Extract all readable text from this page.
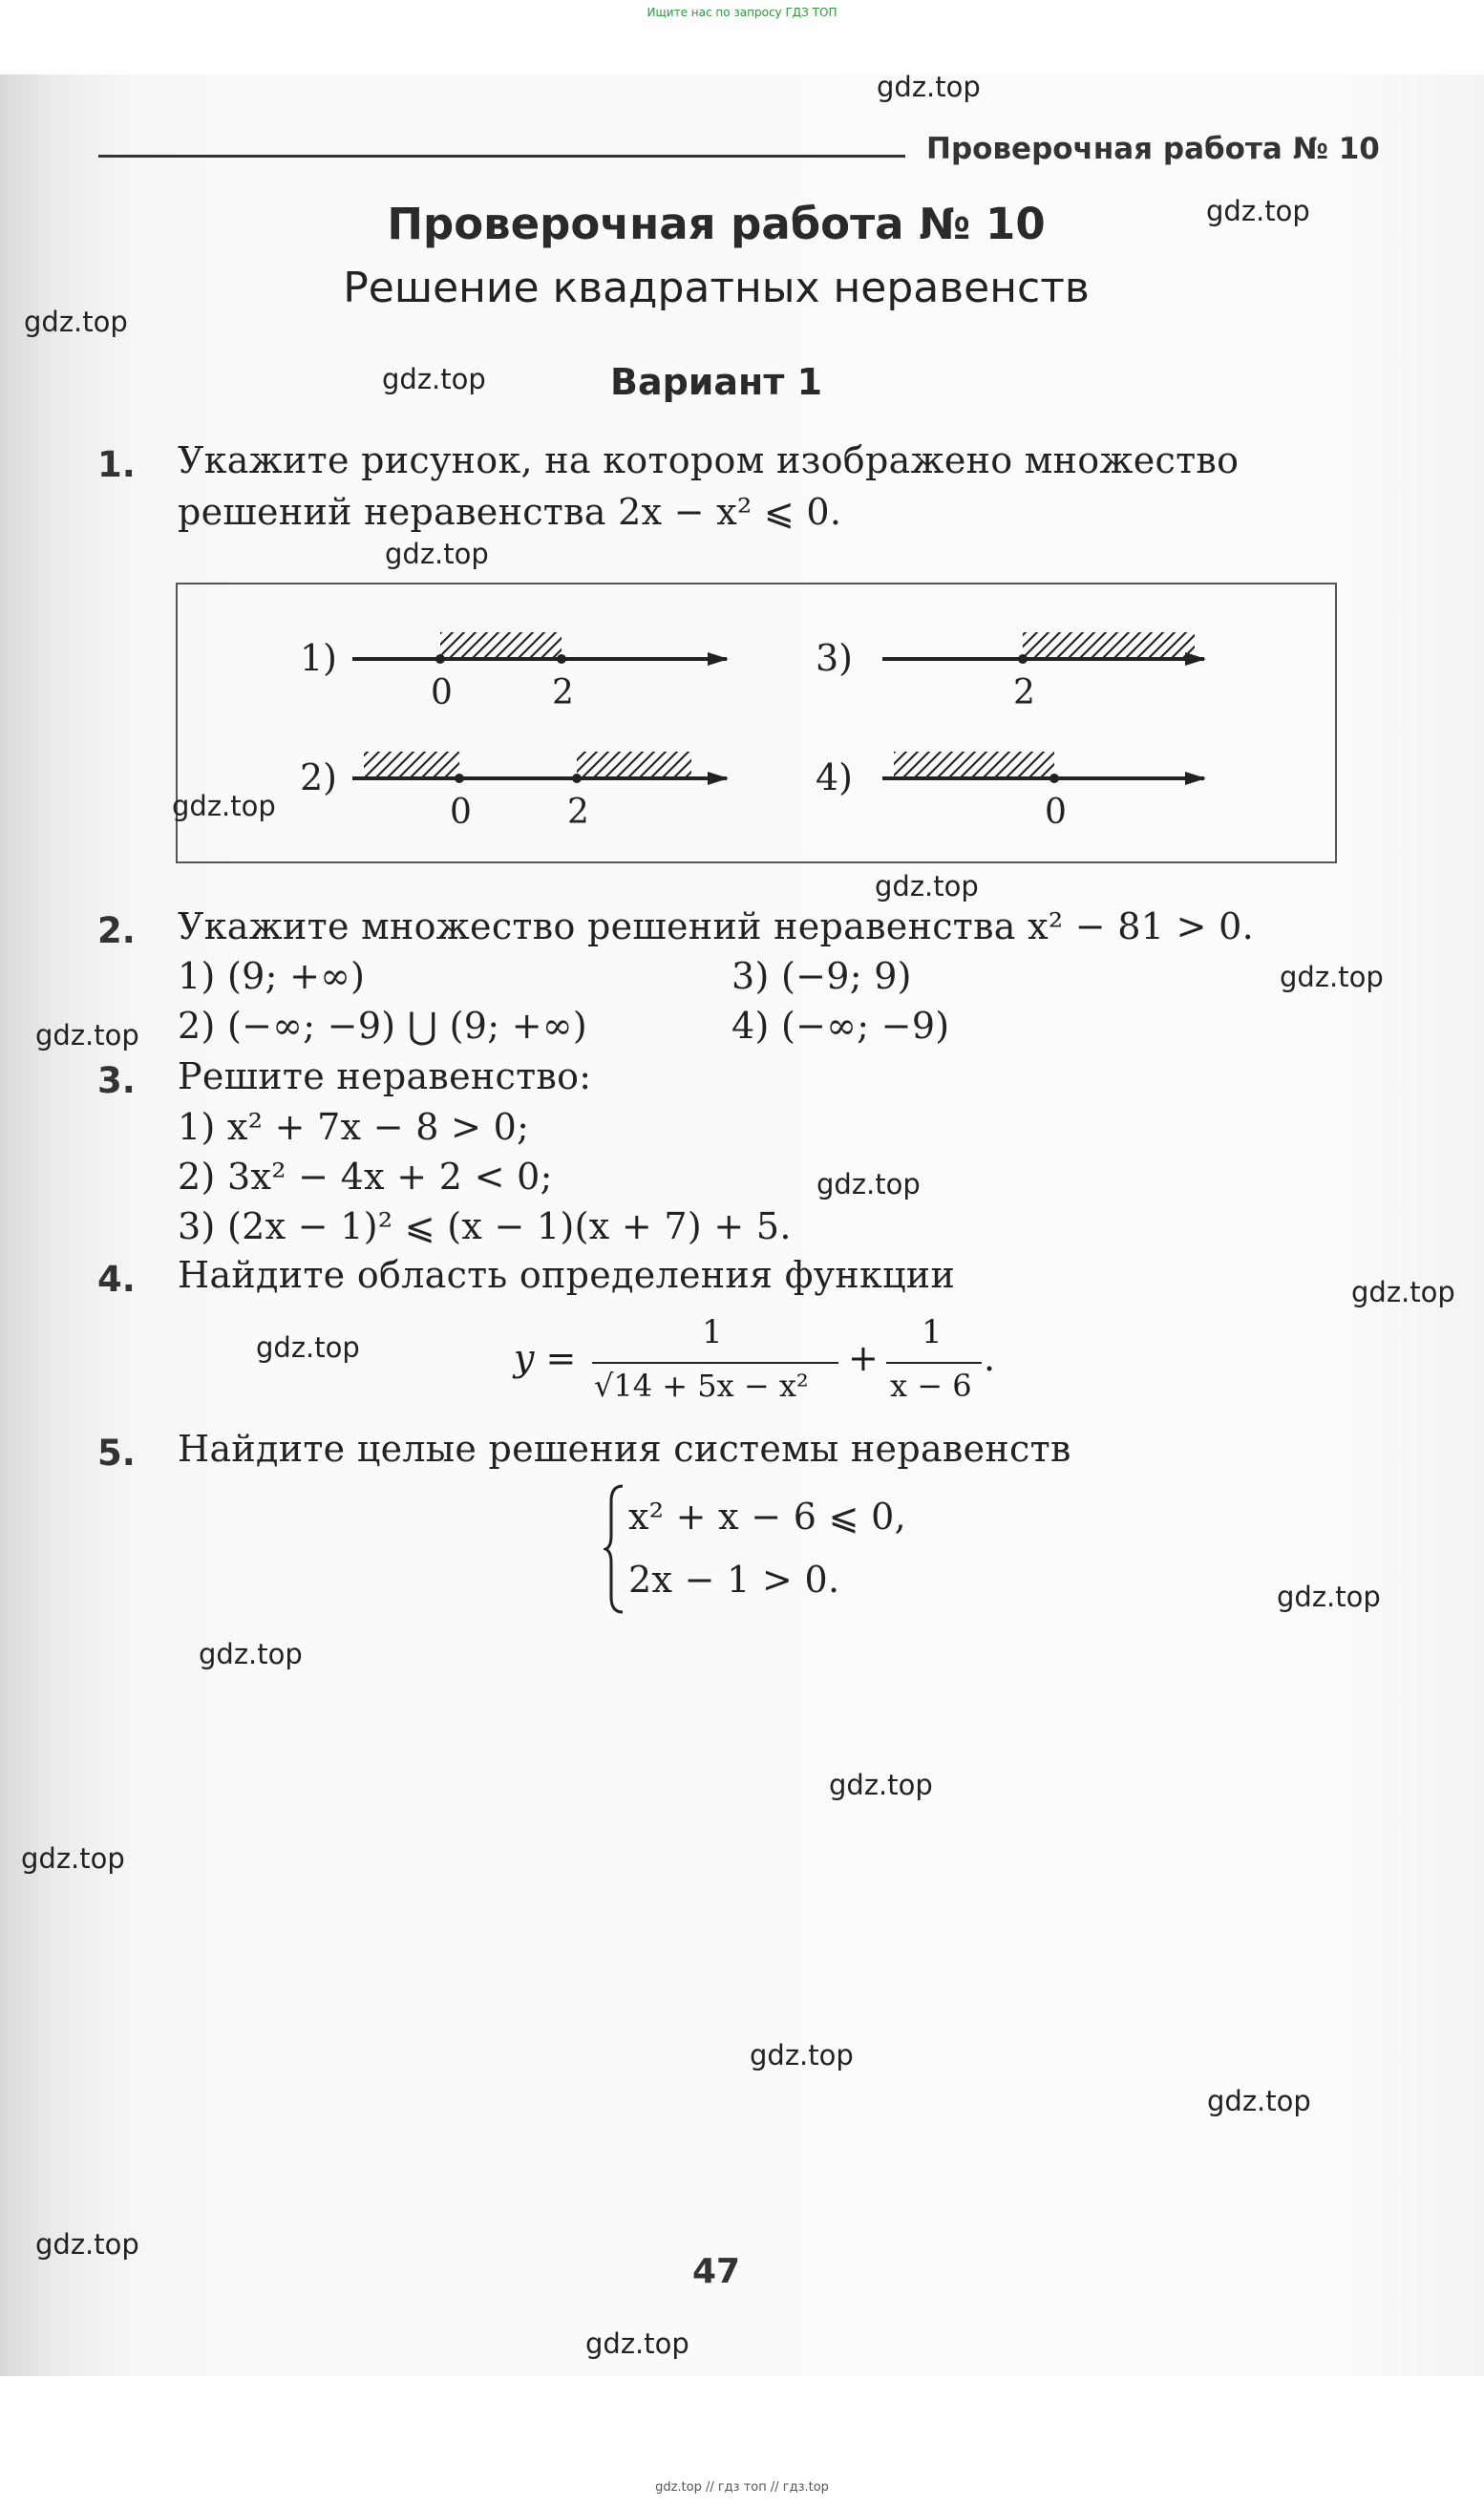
Ищите нас по запросу ГДЗ ТОП
Проверочная работа № 10
Проверочная работа № 10
Решение квадратных неравенств
Вариант 1
1. Укажите рисунок, на котором изображено множество
решений неравенства 2x − x² ⩽ 0.
1)
0	2
3)
2
2)
0	2
4)
0
2. Укажите множество решений неравенства x² − 81 > 0.
1) (9; +∞)	3) (−9; 9)
2) (−∞; −9) ⋃ (9; +∞)	4) (−∞; −9)
3. Решите неравенство:
1) x² + 7x − 8 > 0;
2) 3x² − 4x + 2 < 0;
3) (2x − 1)² ⩽ (x − 1)(x + 7) + 5.
4. Найдите область определения функции
y =
1
√14 + 5x − x²
+
1
x − 6
.
5. Найдите целые решения системы неравенств
x² + x − 6 ⩽ 0,
2x − 1 > 0.
47
gdz.top
gdz.top
gdz.top
gdz.top
gdz.top
gdz.top
gdz.top
gdz.top
gdz.top
gdz.top
gdz.top
gdz.top
gdz.top
gdz.top
gdz.top
gdz.top
gdz.top
gdz.top
gdz.top
gdz.top
gdz.top // гдз топ // гдз.top
